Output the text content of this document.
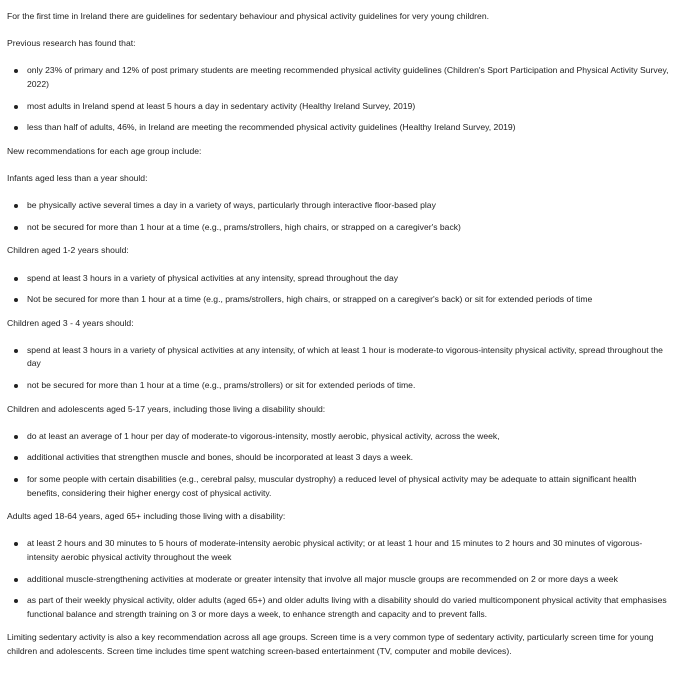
For the first time in Ireland there are guidelines for sedentary behaviour and physical activity guidelines for very young children.

Previous research has found that:

only 23% of primary and 12% of post primary students are meeting recommended physical activity guidelines (Children's Sport Participation and Physical Activity Survey, 2022)
most adults in Ireland spend at least 5 hours a day in sedentary activity (Healthy Ireland Survey, 2019)
less than half of adults, 46%, in Ireland are meeting the recommended physical activity guidelines (Healthy Ireland Survey, 2019)

New recommendations for each age group include:

Infants aged less than a year should:

be physically active several times a day in a variety of ways, particularly through interactive floor-based play
not be secured for more than 1 hour at a time (e.g., prams/strollers, high chairs, or strapped on a caregiver's back)

Children aged 1-2 years should:

spend at least 3 hours in a variety of physical activities at any intensity, spread throughout the day
Not be secured for more than 1 hour at a time (e.g., prams/strollers, high chairs, or strapped on a caregiver's back) or sit for extended periods of time

Children aged 3 - 4 years should:

spend at least 3 hours in a variety of physical activities at any intensity, of which at least 1 hour is moderate-to vigorous-intensity physical activity, spread throughout the day
not be secured for more than 1 hour at a time (e.g., prams/strollers) or sit for extended periods of time.

Children and adolescents aged 5-17 years, including those living a disability should:

do at least an average of 1 hour per day of moderate-to vigorous-intensity, mostly aerobic, physical activity, across the week,
additional activities that strengthen muscle and bones, should be incorporated at least 3 days a week.
for some people with certain disabilities (e.g., cerebral palsy, muscular dystrophy) a reduced level of physical activity may be adequate to attain significant health benefits, considering their higher energy cost of physical activity.

Adults aged 18-64 years, aged 65+ including those living with a disability:

at least 2 hours and 30 minutes to 5 hours of moderate-intensity aerobic physical activity; or at least 1 hour and 15 minutes to 2 hours and 30 minutes of vigorous-intensity aerobic physical activity throughout the week
additional muscle-strengthening activities at moderate or greater intensity that involve all major muscle groups are recommended on 2 or more days a week
as part of their weekly physical activity, older adults (aged 65+) and older adults living with a disability should do varied multicomponent physical activity that emphasises functional balance and strength training on 3 or more days a week, to enhance strength and capacity and to prevent falls.

Limiting sedentary activity is also a key recommendation across all age groups. Screen time is a very common type of sedentary activity, particularly screen time for young children and adolescents. Screen time includes time spent watching screen-based entertainment (TV, computer and mobile devices).
